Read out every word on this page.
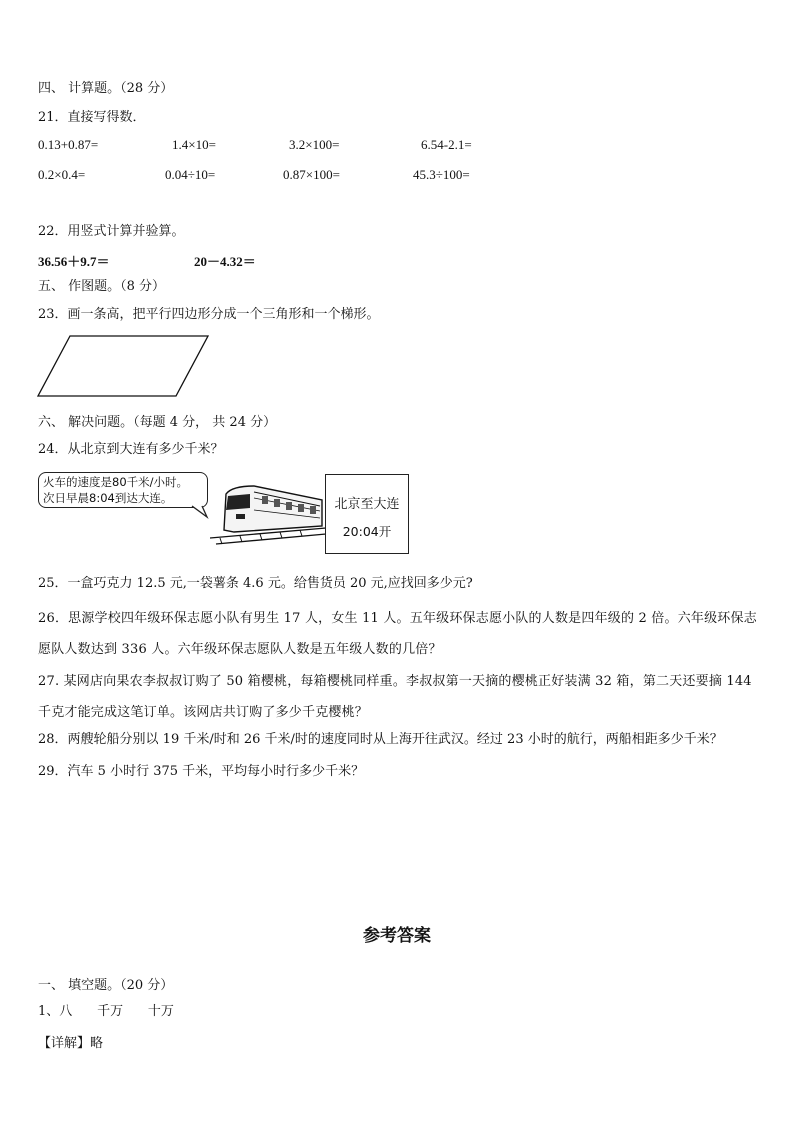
四、 计算题。（28 分）
21．直接写得数．
0.13+0.87=	1.4×10=	3.2×100=	6.54-2.1=
0.2×0.4=	0.04÷10=	0.87×100=	45.3÷100=
22．用竖式计算并验算。
36.56＋9.7＝	20－4.32＝
五、 作图题。（8 分）
23．画一条高，把平行四边形分成一个三角形和一个梯形。
六、 解决问题。（每题 4 分， 共 24 分）
24．从北京到大连有多少千米？
火车的速度是80千米/小时。
次日早晨8:04到达大连。	北京至大连
20:04开
25．一盒巧克力 12.5 元,一袋薯条 4.6 元。给售货员 20 元,应找回多少元?
26．思源学校四年级环保志愿小队有男生 17 人，女生 11 人。五年级环保志愿小队的人数是四年级的 2 倍。六年级环保志愿队人数达到 336 人。六年级环保志愿队人数是五年级人数的几倍？
27. 某网店向果农李叔叔订购了 50 箱樱桃，每箱樱桃同样重。李叔叔第一天摘的樱桃正好装满 32 箱，第二天还要摘 144 千克才能完成这笔订单。该网店共订购了多少千克樱桃？
28．两艘轮船分别以 19 千米/时和 26 千米/时的速度同时从上海开往武汉。经过 23 小时的航行，两船相距多少千米？
29．汽车 5 小时行 375 千米，平均每小时行多少千米？
参考答案
一、 填空题。（20 分）
1、八      千万      十万
【详解】略
